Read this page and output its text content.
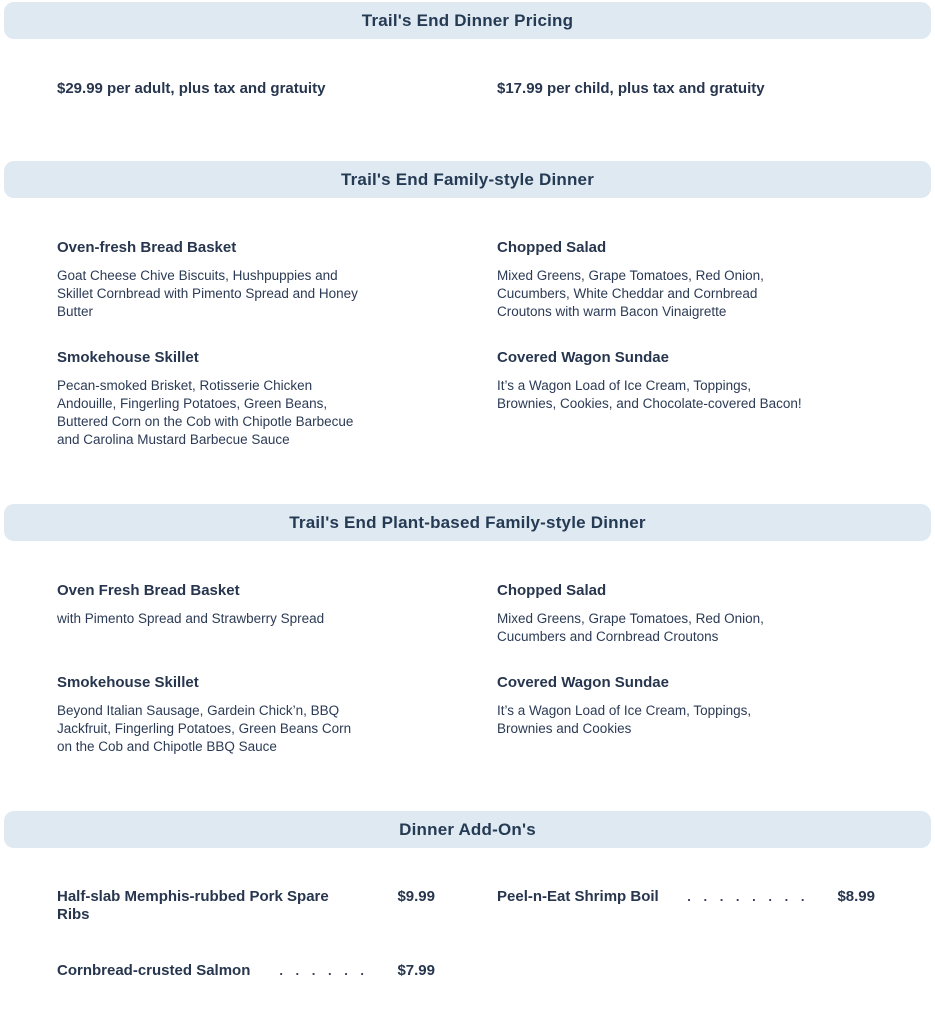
Trail's End Dinner Pricing
$29.99 per adult, plus tax and gratuity	$17.99 per child, plus tax and gratuity
Trail's End Family-style Dinner
Oven-fresh Bread Basket
Goat Cheese Chive Biscuits, Hushpuppies and Skillet Cornbread with Pimento Spread and Honey Butter
Chopped Salad
Mixed Greens, Grape Tomatoes, Red Onion, Cucumbers, White Cheddar and Cornbread Croutons with warm Bacon Vinaigrette
Smokehouse Skillet
Pecan-smoked Brisket, Rotisserie Chicken Andouille, Fingerling Potatoes, Green Beans, Buttered Corn on the Cob with Chipotle Barbecue and Carolina Mustard Barbecue Sauce
Covered Wagon Sundae
It’s a Wagon Load of Ice Cream, Toppings, Brownies, Cookies, and Chocolate-covered Bacon!
Trail's End Plant-based Family-style Dinner
Oven Fresh Bread Basket
with Pimento Spread and Strawberry Spread
Chopped Salad
Mixed Greens, Grape Tomatoes, Red Onion, Cucumbers and Cornbread Croutons
Smokehouse Skillet
Beyond Italian Sausage, Gardein Chick’n, BBQ Jackfruit, Fingerling Potatoes, Green Beans Corn on the Cob and Chipotle BBQ Sauce
Covered Wagon Sundae
It’s a Wagon Load of Ice Cream, Toppings, Brownies and Cookies
Dinner Add-On's
Half-slab Memphis-rubbed Pork Spare Ribs
$9.99	Peel-n-Eat Shrimp Boil	. . . . . . . .	$8.99
Cornbread-crusted Salmon	. . . . . .	$7.99
